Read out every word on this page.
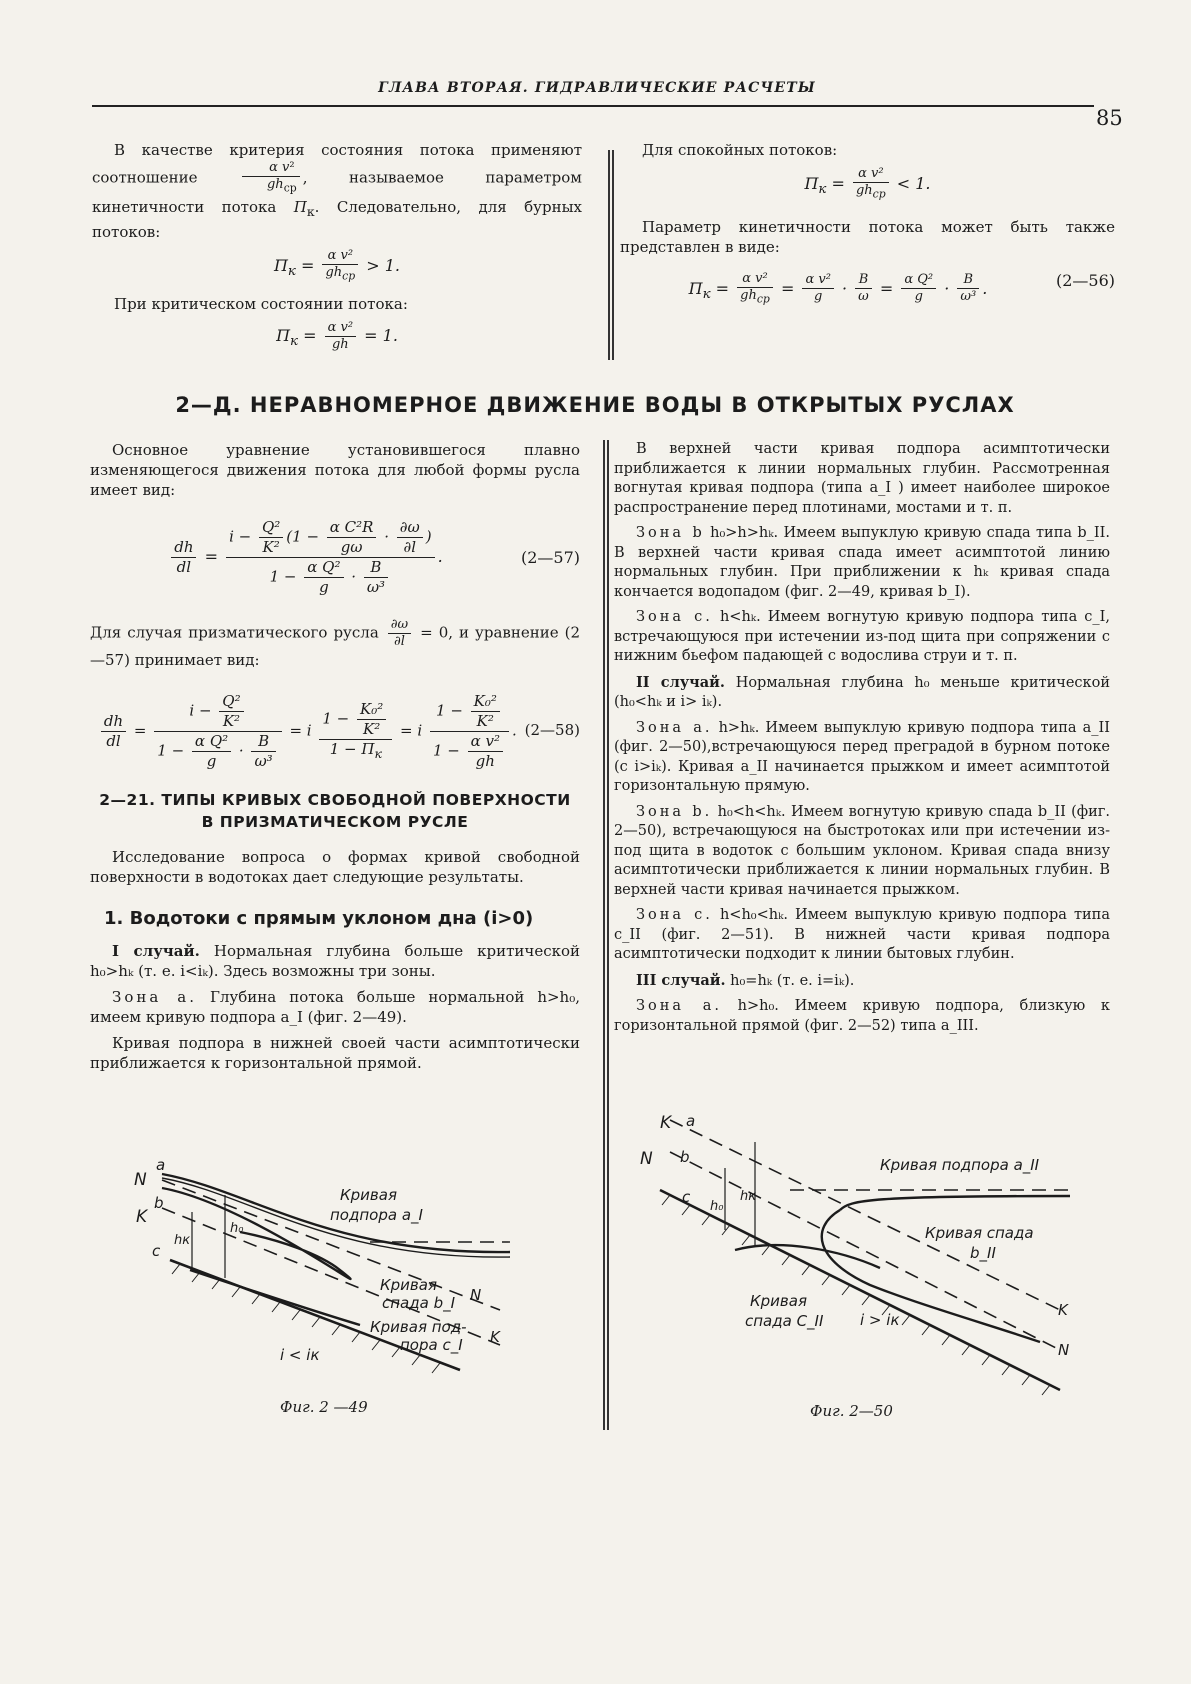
ГЛАВА ВТОРАЯ. ГИДРАВЛИЧЕСКИЕ РАСЧЕТЫ
85

В качестве критерия состояния потока применяют соотношение	$\frac{\text{α v²}}{gh_{ср}}$ , называемое параметром кинетичности потока $П_к$. Следовательно, для бурных потоков:

$П_к = \frac{\text{α v²}}{gh_{ср}} > 1$.

При критическом состоянии потока:

$П_к = \frac{\text{α v²}}{gh} = 1$.

Для спокойных потоков:

$П_к = \frac{\text{α v²}}{gh_{ср}} < 1$.

Параметр кинетичности потока может быть также представлен в виде:

$П_к = \frac{\text{α v²}}{gh_{ср}} = \frac{\text{α v²}}{g} \cdot \frac{B}{\omega} = \frac{\text{α Q²}}{g} \cdot \frac{B}{\text{ω³}}$ .	(2—56)
2—Д. НЕРАВНОМЕРНОЕ ДВИЖЕНИЕ ВОДЫ В ОТКРЫТЫХ РУСЛАХ

Основное уравнение установившегося плавно изменяющегося движения потока для любой формы русла имеет вид:

$\frac{dh}{dl} = \frac{i - \frac{\text{Q²}}{\text{K²}} (1 - \frac{\text{α C²R}}{g\omega} \cdot \frac{\partial\omega}{\partial l} )}{1 - \frac{\text{α Q²}}{g} \cdot \frac{B}{\text{ω³}}}$ .	(2—57)

Для случая призматического русла $\frac{\partial\omega}{\partial l} = 0$, и уравнение (2—57) принимает вид:

$\frac{dh}{dl} = \frac{i - \frac{\text{Q²}}{\text{K²}}}{1 - \frac{\text{α Q²}}{g} \cdot \frac{B}{\text{ω³}}} = i \frac{1 - \frac{\text{K₀²}}{\text{K²}}}{1 - П_к} = i \frac{1 - \frac{\text{K₀²}}{\text{K²}}}{1 - \frac{\text{α v²}}{gh}}$ . (2—58)
2—21. ТИПЫ КРИВЫХ СВОБОДНОЙ ПОВЕРХНОСТИ
В ПРИЗМАТИЧЕСКОМ РУСЛЕ

Исследование вопроса о формах кривой свободной поверхности в водотоках дает следующие результаты.

1. Водотоки с прямым уклоном дна (i>0)

I случай. Нормальная глубина больше критической h₀>hₖ (т. е. i<iₖ). Здесь возможны три зоны.

Зона a. Глубина потока больше нормальной h>h₀, имеем кривую подпора a_I (фиг. 2—49).

Кривая подпора в нижней своей части асимптотически приближается к горизонтальной прямой.

В верхней части кривая подпора асимптотически приближается к линии нормальных глубин. Рассмотренная вогнутая кривая подпора (типа a_I ) имеет наиболее широкое распространение перед плотинами, мостами и т. п.

Зона b h₀>h>hₖ. Имеем выпуклую кривую спада типа b_II. В верхней части кривая спада имеет асимптотой линию нормальных глубин. При приближении к hₖ кривая спада кончается водопадом (фиг. 2—49, кривая b_I).

Зона c. h<hₖ. Имеем вогнутую кривую подпора типа c_I, встречающуюся при истечении из-под щита при сопряжении с нижним бьефом падающей с водослива струи и т. п.

II случай. Нормальная глубина h₀ меньше критической (h₀<hₖ и i> iₖ).

Зона a. h>hₖ. Имеем выпуклую кривую подпора типа a_II (фиг. 2—50),встречающуюся перед преградой в бурном потоке (с i>iₖ). Кривая a_II начинается прыжком и имеет асимптотой горизонтальную прямую.

Зона b. h₀<h<hₖ. Имеем вогнутую кривую спада b_II (фиг. 2—50), встречающуюся на быстротоках или при истечении из-под щита в водоток с большим уклоном. Кривая спада внизу асимптотически приближается к линии нормальных глубин. В верхней части кривая начинается прыжком.

Зона c. h<h₀<hₖ. Имеем выпуклую кривую подпора типа c_II (фиг. 2—51). В нижней части кривая подпора асимптотически подходит к линии бытовых глубин.

III случай. h₀=hₖ (т. е. i=iₖ).

Зона a. h>h₀. Имеем кривую подпора, близкую к горизонтальной прямой (фиг. 2—52) типа a_III.

N
a
K
b
c
hк
h₀
Кривая
подпора a_I
Кривая
спада b_I N
Кривая под-
пора c_I K
i < iк
Фиг. 2 —49
K a
N b
c
h₀
hк
Кривая подпора a_II
Кривая спада
b_II
K
Кривая
спада C_II i > iк
N
Фиг. 2—50
